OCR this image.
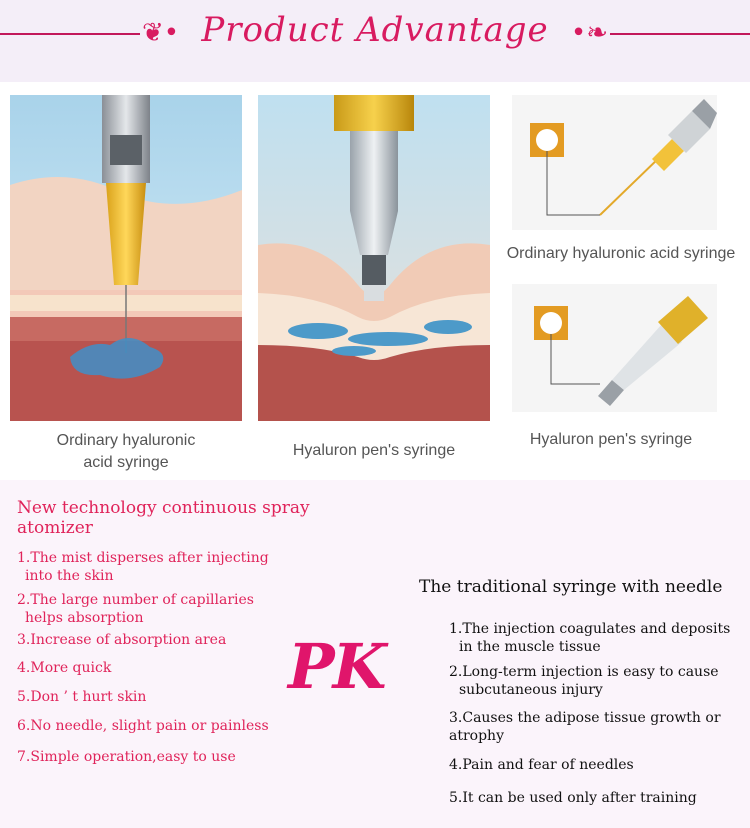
❦•	•❧
Product Advantage
Ordinary hyaluronic
acid syringe
Hyaluron pen's syringe
Ordinary hyaluronic acid syringe
Hyaluron pen's syringe
New technology continuous spray
atomizer
1.The mist disperses after injecting
into the skin
2.The large number of capillaries
helps absorption
3.Increase of absorption area
4.More quick
5.Don ’ t hurt skin
6.No needle, slight pain or painless
7.Simple operation,easy to use
PK
The traditional syringe with needle
1.The injection coagulates and deposits
in the muscle tissue
2.Long-term injection is easy to cause
subcutaneous injury
3.Causes the adipose tissue growth or
atrophy
4.Pain and fear of needles
5.It can be used only after training
